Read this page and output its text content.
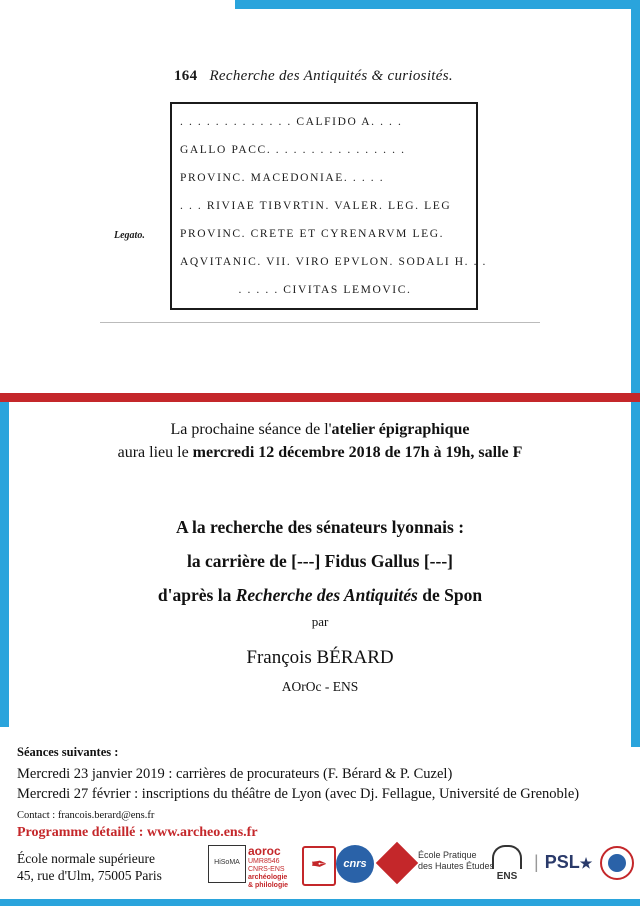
164 Recherche des Antiquités & curiosités.
Legato.
. . . . . . . . . . . . . CALFIDO A. . . .
GALLO PACC. . . . . . . . . . . . . . . .
PROVINC. MACEDONIAE. . . . .
. . . RIVIAE TIBVRTIN. VALER. LEG. LEG
PROVINC. CRETE ET CYRENARVM LEG.
AQVITANIC. VII. VIRO EPVLON. SODALI H. . .
. . . . . CIVITAS LEMOVIC.
La prochaine séance de l'atelier épigraphique
aura lieu le mercredi 12 décembre 2018 de 17h à 19h, salle F
A la recherche des sénateurs lyonnais :
la carrière de [---] Fidus Gallus [---]
d'après la Recherche des Antiquités de Spon
par
François BÉRARD
AOrOc - ENS
Séances suivantes :
Mercredi 23 janvier 2019 : carrières de procurateurs (F. Bérard & P. Cuzel)
Mercredi 27 février : inscriptions du théâtre de Lyon (avec Dj. Fellague, Université de Grenoble)
Contact : francois.berard@ens.fr
Programme détaillé : www.archeo.ens.fr
École normale supérieure
45, rue d'Ulm, 75005 Paris
HiSoMA
aoroc
UMR8546
CNRS-ENS
archéologie
& philologie
✒	cnrs
École Pratique
des Hautes Études
ENS
| PSL★
